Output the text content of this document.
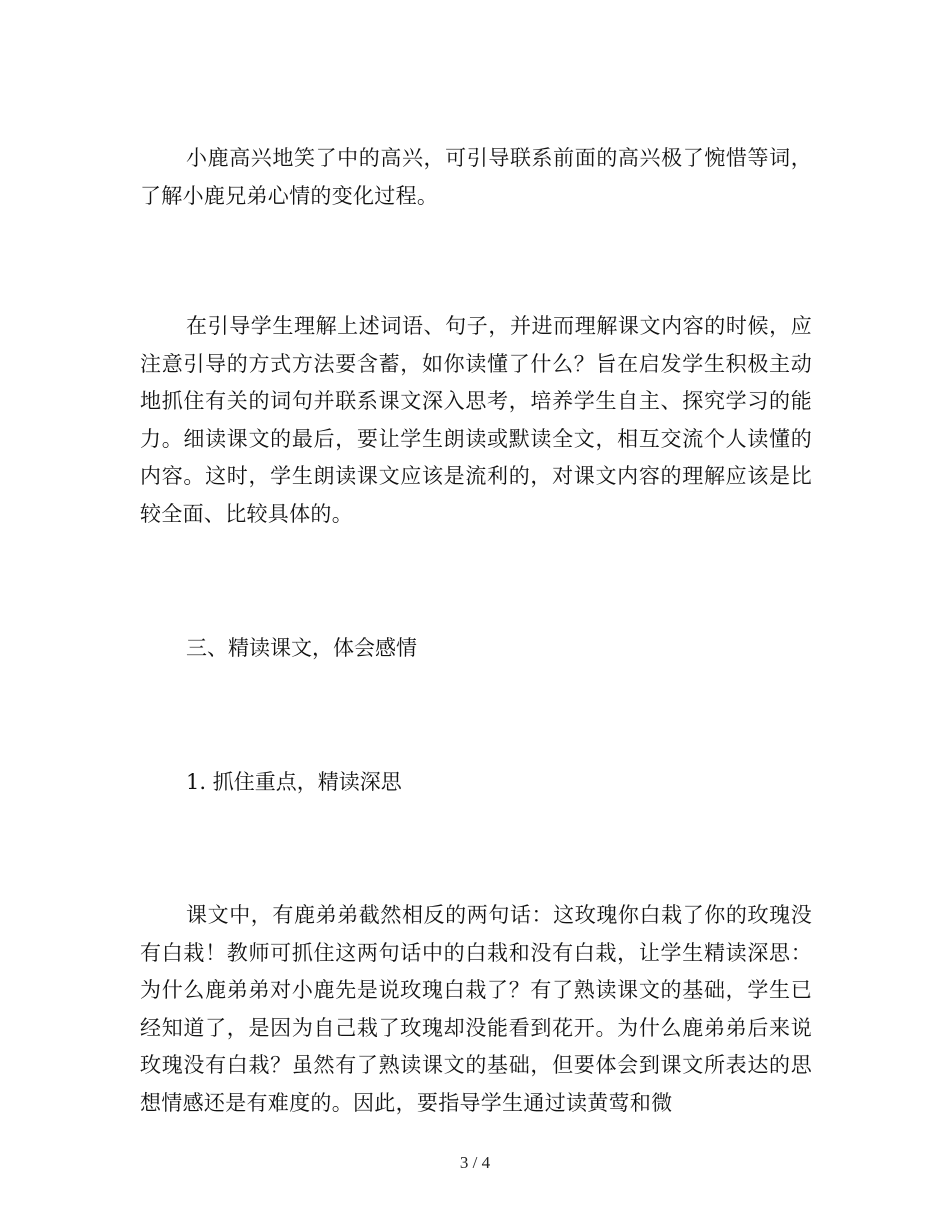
小鹿高兴地笑了中的高兴，可引导联系前面的高兴极了惋惜等词，了解小鹿兄弟心情的变化过程。

在引导学生理解上述词语、句子，并进而理解课文内容的时候，应注意引导的方式方法要含蓄，如你读懂了什么？旨在启发学生积极主动地抓住有关的词句并联系课文深入思考，培养学生自主、探究学习的能力。细读课文的最后，要让学生朗读或默读全文，相互交流个人读懂的内容。这时，学生朗读课文应该是流利的，对课文内容的理解应该是比较全面、比较具体的。

三、精读课文，体会感情

1. 抓住重点，精读深思

课文中，有鹿弟弟截然相反的两句话：这玫瑰你白栽了你的玫瑰没有白栽！教师可抓住这两句话中的白栽和没有白栽，让学生精读深思：为什么鹿弟弟对小鹿先是说玫瑰白栽了？有了熟读课文的基础，学生已经知道了，是因为自己栽了玫瑰却没能看到花开。为什么鹿弟弟后来说玫瑰没有白栽？虽然有了熟读课文的基础，但要体会到课文所表达的思想情感还是有难度的。因此，要指导学生通过读黄莺和微

3 / 4
